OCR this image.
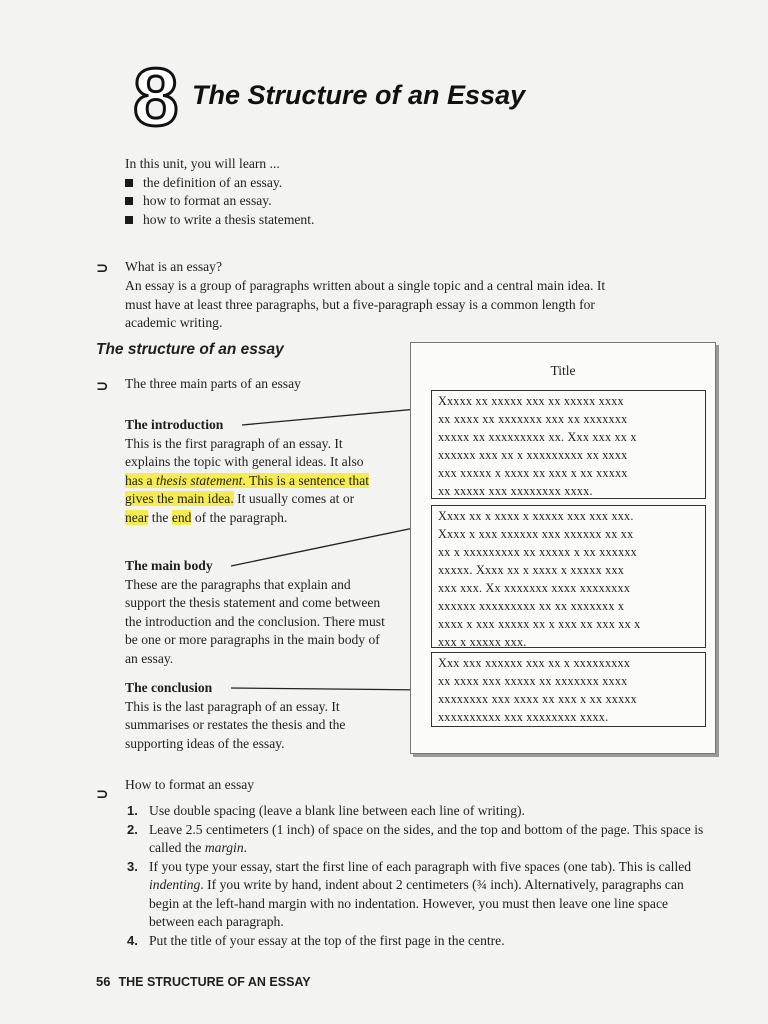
8 The Structure of an Essay
In this unit, you will learn ...
the definition of an essay.
how to format an essay.
how to write a thesis statement.
⊃	What is an essay?
An essay is a group of paragraphs written about a single topic and a central main idea. It
must have at least three paragraphs, but a five-paragraph essay is a common length for
academic writing.
The structure of an essay
⊃	The three main parts of an essay
The introduction
This is the first paragraph of an essay. It explains the topic with general ideas. It also has a thesis statement. This is a sentence that gives the main idea. It usually comes at or near the end of the paragraph.
The main body
These are the paragraphs that explain and support the thesis statement and come between the introduction and the conclusion. There must be one or more paragraphs in the main body of an essay.
The conclusion
This is the last paragraph of an essay. It summarises or restates the thesis and the supporting ideas of the essay.
Title
Xxxxx xx xxxxx xxx xx xxxxx xxxx
xx xxxx xx xxxxxxx xxx xx xxxxxxx
xxxxx xx xxxxxxxxx xx. Xxx xxx xx x
xxxxxx xxx xx x xxxxxxxxx xx xxxx
xxx xxxxx x xxxx xx xxx x xx xxxxx
xx xxxxx xxx xxxxxxxx xxxx.
Xxxx xx x xxxx x xxxxx xxx xxx xxx.
Xxxx x xxx xxxxxx xxx xxxxxx xx xx
xx x xxxxxxxxx xx xxxxx x xx xxxxxx
xxxxx. Xxxx xx x xxxx x xxxxx xxx
xxx xxx. Xx xxxxxxx xxxx xxxxxxxx
xxxxxx xxxxxxxxx xx xx xxxxxxx x
xxxx x xxx xxxxx xx x xxx xx xxx xx x
xxx x xxxxx xxx.
Xxx xxx xxxxxx xxx xx x xxxxxxxxx
xx xxxx xxx xxxxx xx xxxxxxx xxxx
xxxxxxxx xxx xxxx xx xxx x xx xxxxx
xxxxxxxxxx xxx xxxxxxxx xxxx.
⊃
How to format an essay
1. Use double spacing (leave a blank line between each line of writing).
2. Leave 2.5 centimeters (1 inch) of space on the sides, and the top and bottom of the page. This space is called the margin.
3. If you type your essay, start the first line of each paragraph with five spaces (one tab). This is called indenting. If you write by hand, indent about 2 centimeters (¾ inch). Alternatively, paragraphs can begin at the left-hand margin with no indentation. However, you must then leave one line space between each paragraph.
4. Put the title of your essay at the top of the first page in the centre.
56 THE STRUCTURE OF AN ESSAY
